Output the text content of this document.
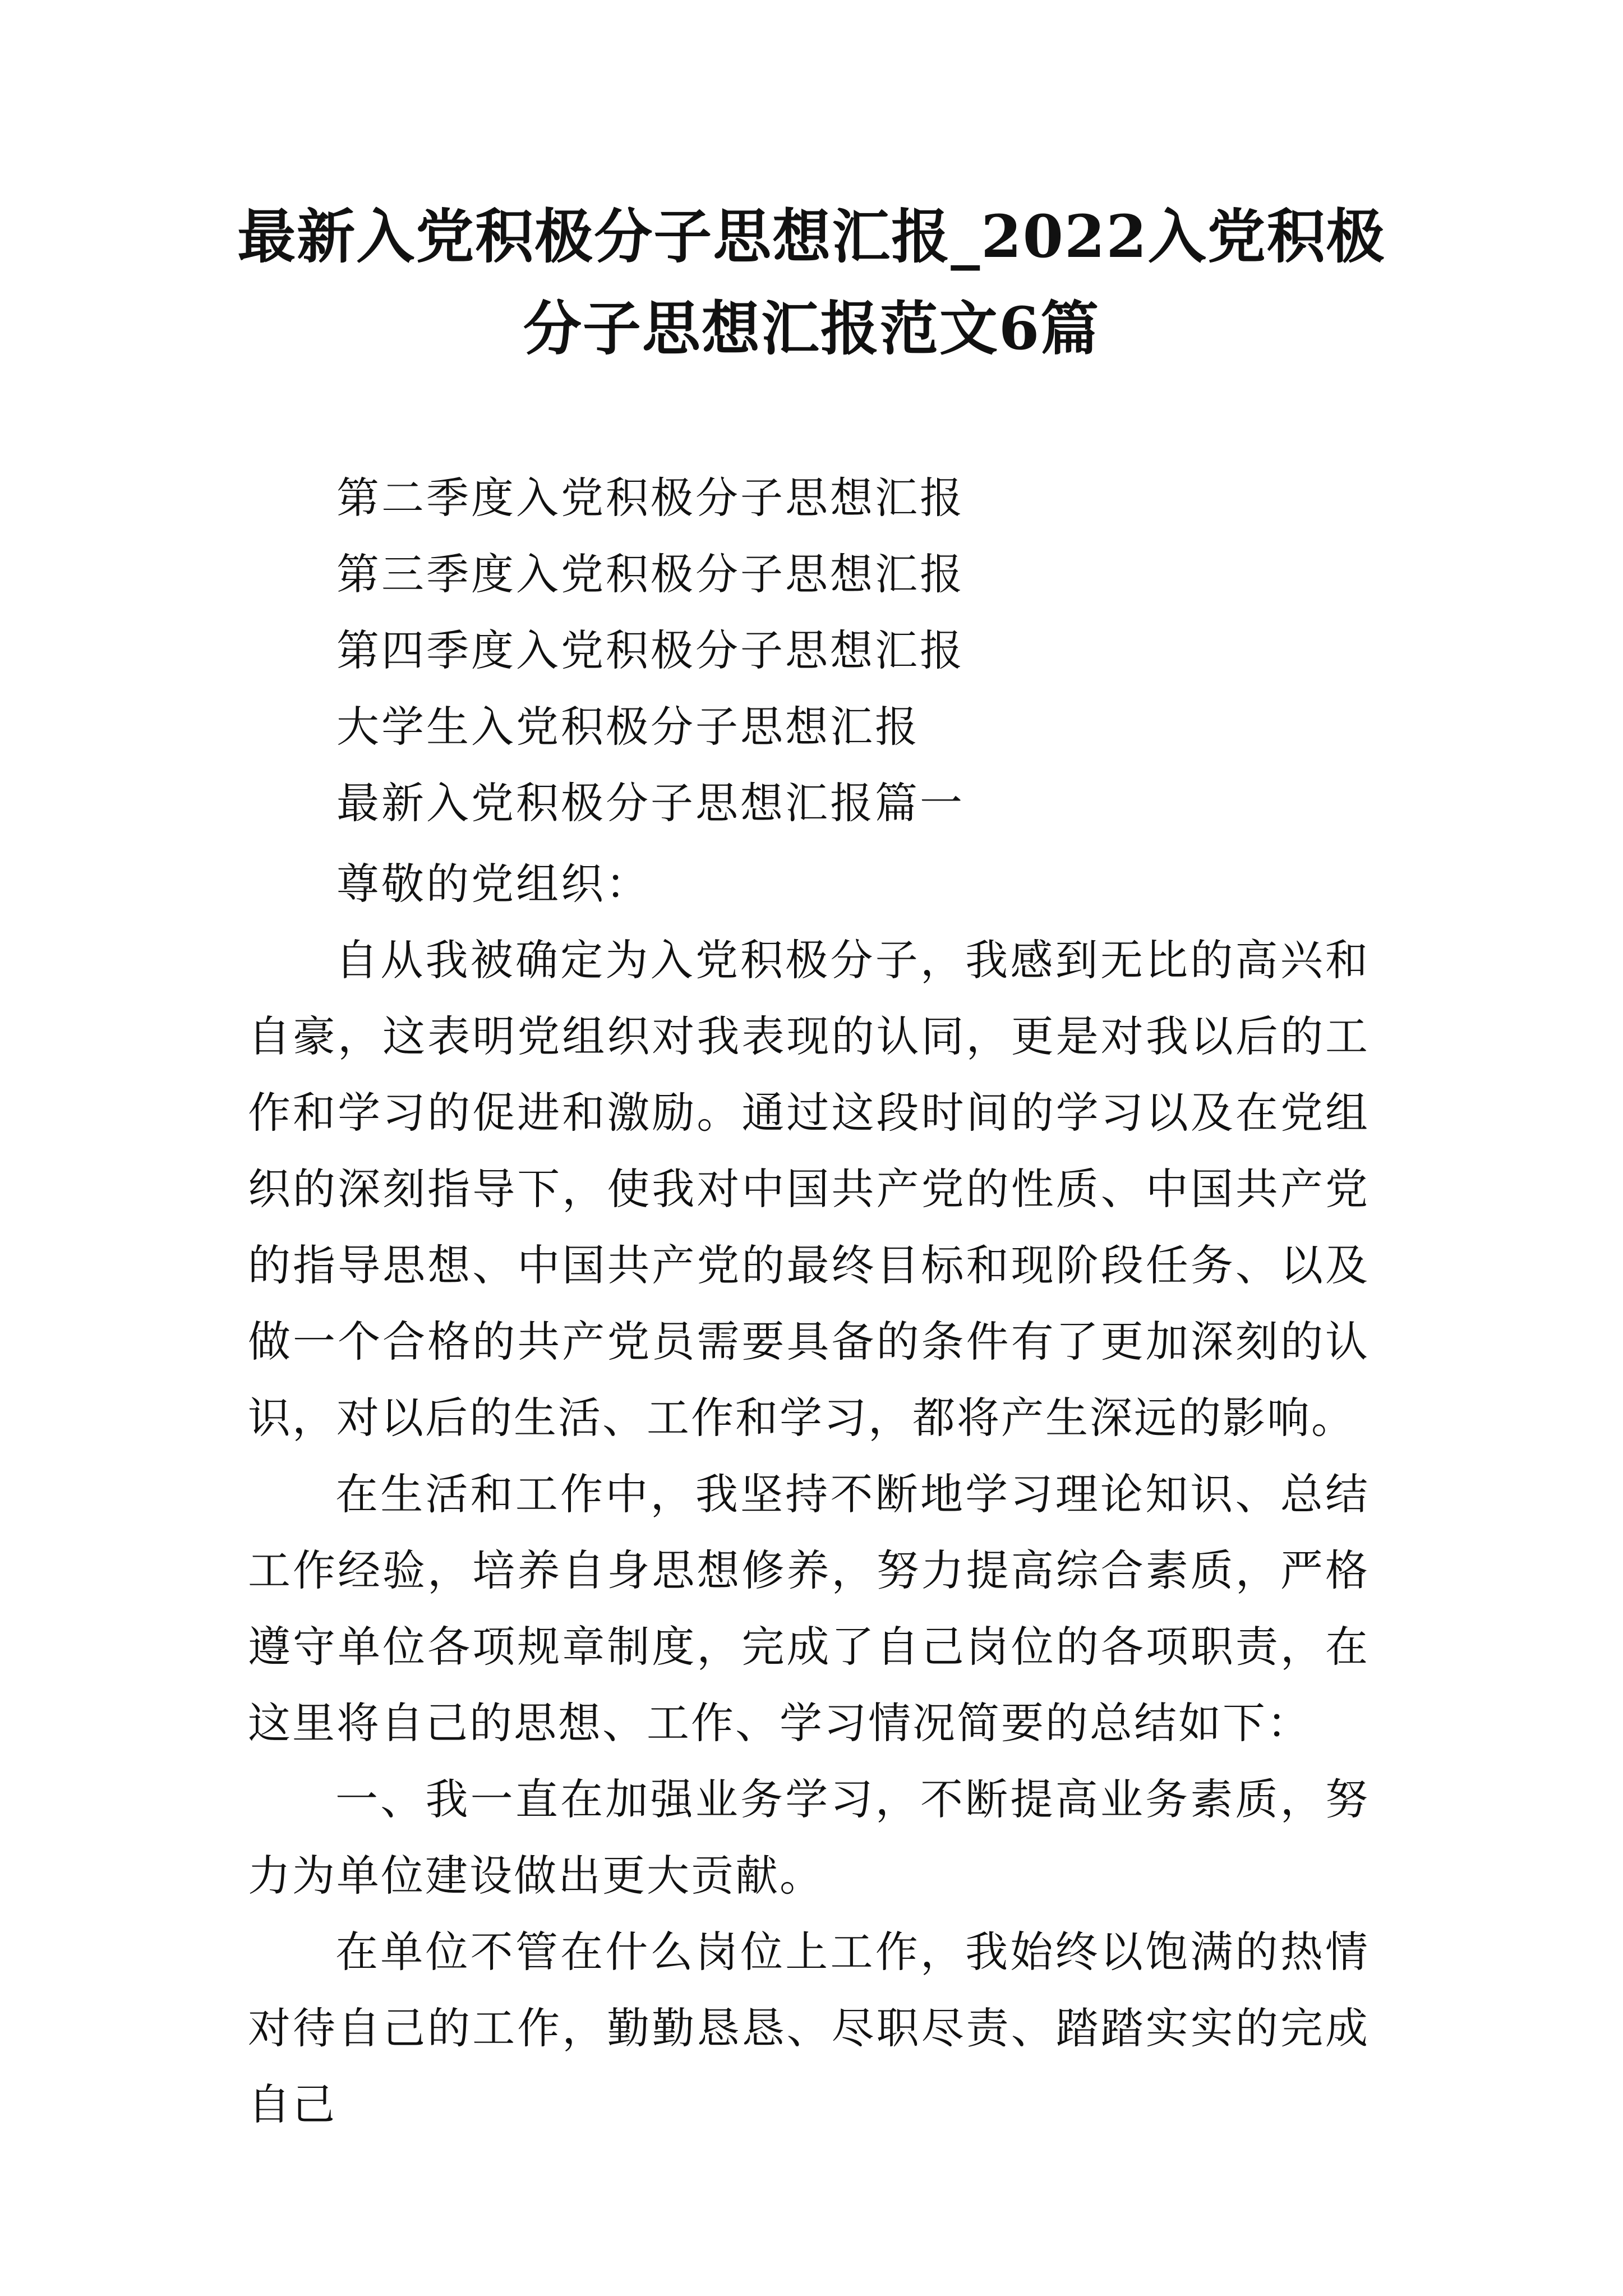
最新入党积极分子思想汇报_2022入党积极
分子思想汇报范文6篇
第二季度入党积极分子思想汇报
第三季度入党积极分子思想汇报
第四季度入党积极分子思想汇报
大学生入党积极分子思想汇报
最新入党积极分子思想汇报篇一
尊敬的党组织：

自从我被确定为入党积极分子，我感到无比的高兴和自豪，这表明党组织对我表现的认同，更是对我以后的工作和学习的促进和激励。通过这段时间的学习以及在党组织的深刻指导下，使我对中国共产党的性质、中国共产党的指导思想、中国共产党的最终目标和现阶段任务、以及做一个合格的共产党员需要具备的条件有了更加深刻的认识，对以后的生活、工作和学习，都将产生深远的影响。

在生活和工作中，我坚持不断地学习理论知识、总结工作经验，培养自身思想修养，努力提高综合素质，严格遵守单位各项规章制度，完成了自己岗位的各项职责，在这里将自己的思想、工作、学习情况简要的总结如下：

一、我一直在加强业务学习，不断提高业务素质，努力为单位建设做出更大贡献。

在单位不管在什么岗位上工作，我始终以饱满的热情对待自己的工作，勤勤恳恳、尽职尽责、踏踏实实的完成自己
